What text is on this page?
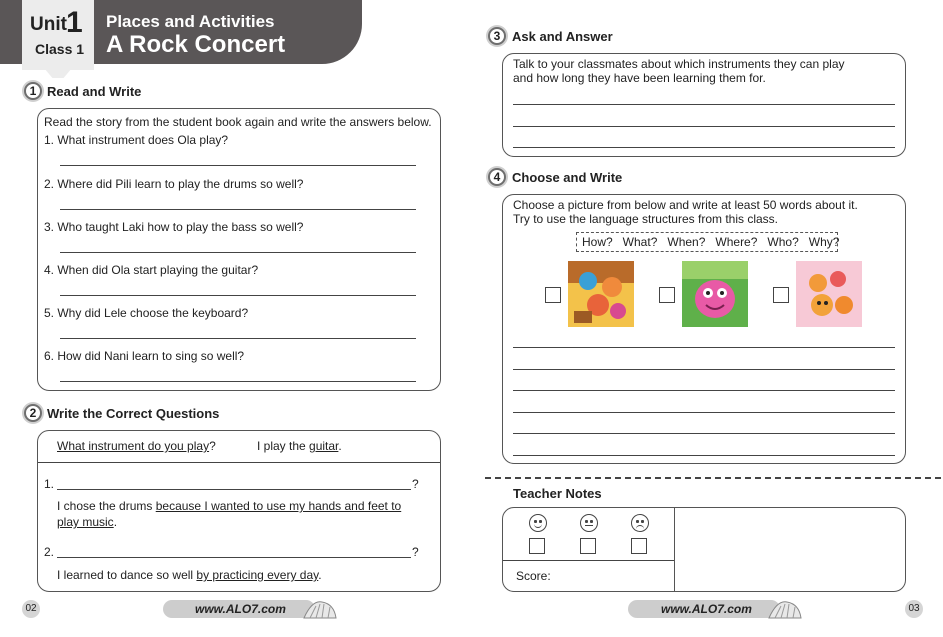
Unit 1
Class 1
Places and Activities
A Rock Concert
1 Read and Write
Read the story from the student book again and write the answers below.
1. What instrument does Ola play?
2. Where did Pili learn to play the drums so well?
3. Who taught Laki how to play the bass so well?
4. When did Ola start playing the guitar?
5. Why did Lele choose the keyboard?
6. How did Nani learn to sing so well?
2 Write the Correct Questions
What instrument do you play?	I play the guitar.
1.	?
I chose the drums because I wanted to use my hands and feet to
play music.
2.	?
I learned to dance so well by practicing every day.
3 Ask and Answer
Talk to your classmates about which instruments they can play
and how long they have been learning them for.
4 Choose and Write
Choose a picture from below and write at least 50 words about it.
Try to use the language structures from this class.
How?   What?   When?   Where?   Who?   Why?
Teacher Notes
Score:
02	www.ALO7.com	www.ALO7.com	03
